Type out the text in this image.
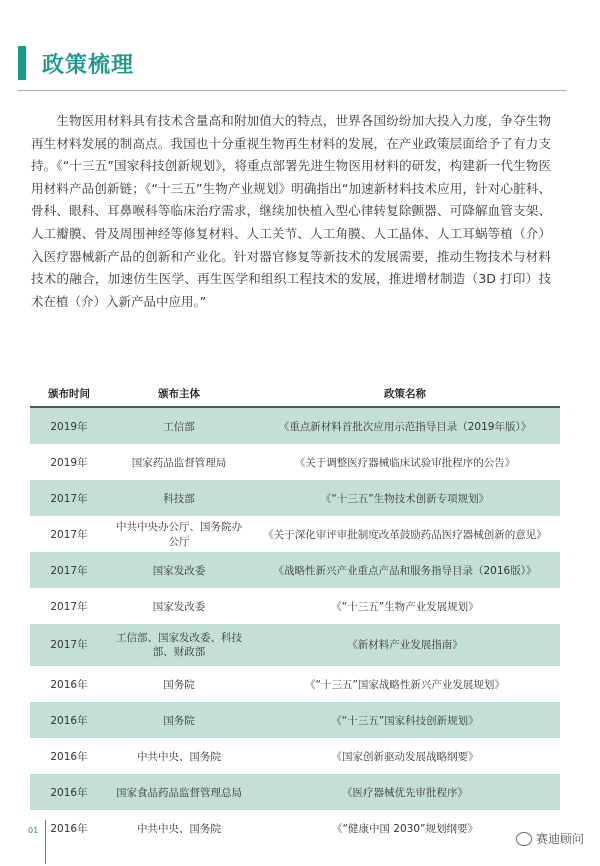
政策梳理

　　生物医用材料具有技术含量高和附加值大的特点，世界各国纷纷加大投入力度，争夺生物再生材料发展的制高点。我国也十分重视生物再生材料的发展，在产业政策层面给予了有力支持。《“十三五”国家科技创新规划》，将重点部署先进生物医用材料的研发，构建新一代生物医用材料产品创新链；《“十三五”生物产业规划》明确指出“加速新材料技术应用，针对心脏科、骨科、眼科、耳鼻喉科等临床治疗需求，继续加快植入型心律转复除颤器、可降解血管支架、人工瓣膜、骨及周围神经等修复材料、人工关节、人工角膜、人工晶体、人工耳蜗等植（介）入医疗器械新产品的创新和产业化。针对器官修复等新技术的发展需要，推动生物技术与材料技术的融合，加速仿生医学、再生医学和组织工程技术的发展，推进增材制造（3D 打印）技术在植（介）入新产品中应用。”

颁布时间	颁布主体	政策名称
2019年	工信部	《重点新材料首批次应用示范指导目录（2019年版）》
2019年	国家药品监督管理局	《关于调整医疗器械临床试验审批程序的公告》
2017年	科技部	《“十三五”生物技术创新专项规划》
2017年	中共中央办公厅、国务院办公厅	《关于深化审评审批制度改革鼓励药品医疗器械创新的意见》
2017年	国家发改委	《战略性新兴产业重点产品和服务指导目录（2016版）》
2017年	国家发改委	《“十三五”生物产业发展规划》
2017年	工信部、国家发改委、科技部、财政部	《新材料产业发展指南》
2016年	国务院	《“十三五”国家战略性新兴产业发展规划》
2016年	国务院	《“十三五”国家科技创新规划》
2016年	中共中央、国务院	《国家创新驱动发展战略纲要》
2016年	国家食品药品监督管理总局	《医疗器械优先审批程序》
2016年	中共中央、国务院	《“健康中国 2030”规划纲要》
01
赛迪顾问
